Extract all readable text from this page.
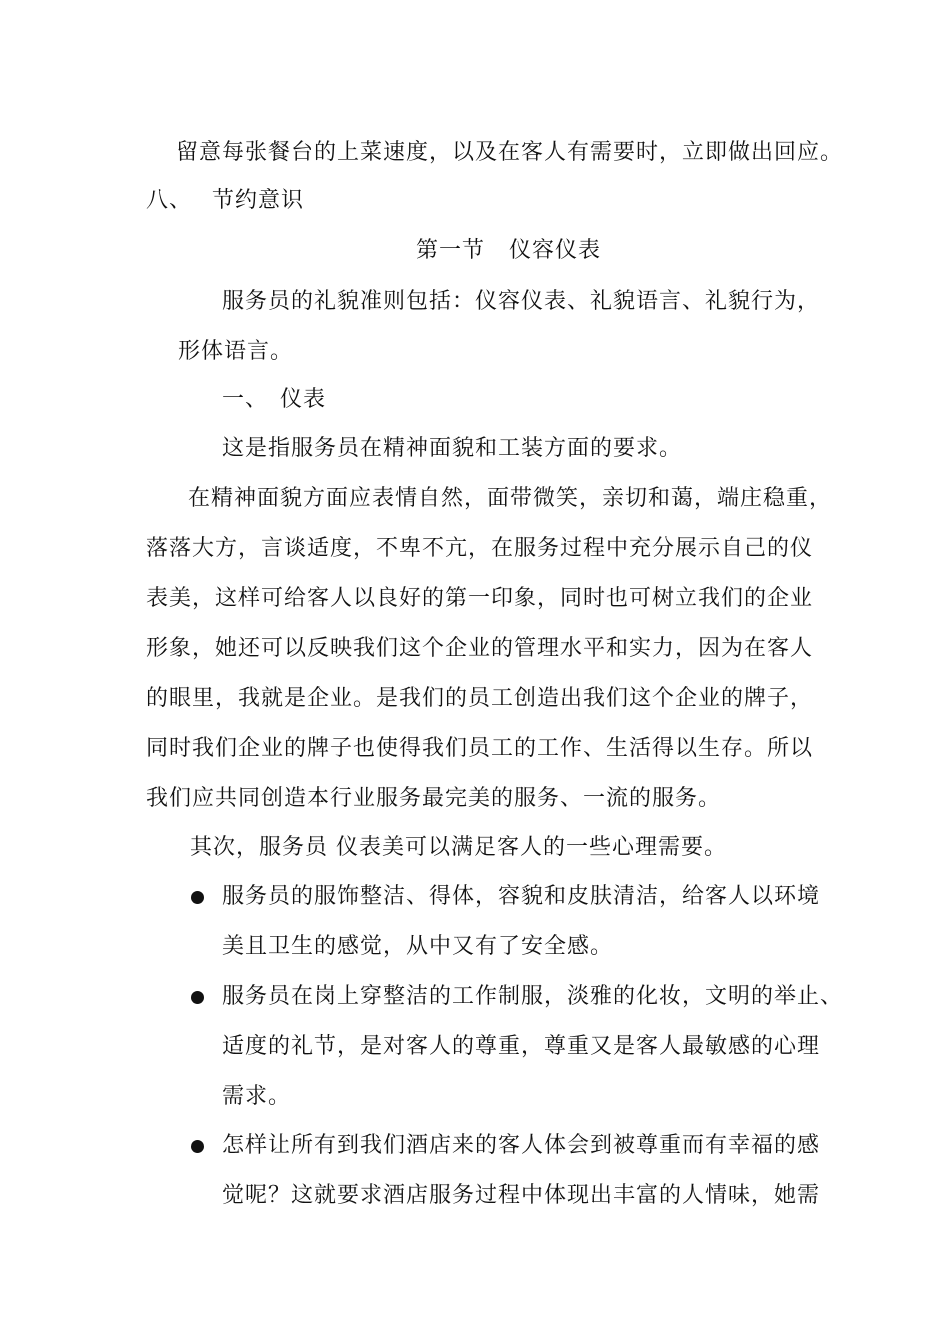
留意每张餐台的上菜速度，以及在客人有需要时，立即做出回应。
八、 节约意识
第一节   仪容仪表
服务员的礼貌准则包括：仪容仪表、礼貌语言、礼貌行为，
形体语言。
一、 仪表
这是指服务员在精神面貌和工装方面的要求。
在精神面貌方面应表情自然，面带微笑，亲切和蔼，端庄稳重，
落落大方，言谈适度，不卑不亢，在服务过程中充分展示自己的仪
表美，这样可给客人以良好的第一印象，同时也可树立我们的企业
形象，她还可以反映我们这个企业的管理水平和实力，因为在客人
的眼里，我就是企业。是我们的员工创造出我们这个企业的牌子，
同时我们企业的牌子也使得我们员工的工作、生活得以生存。所以
我们应共同创造本行业服务最完美的服务、一流的服务。
其次，服务员 仪表美可以满足客人的一些心理需要。
服务员的服饰整洁、得体，容貌和皮肤清洁，给客人以环境
美且卫生的感觉，从中又有了安全感。
服务员在岗上穿整洁的工作制服，淡雅的化妆，文明的举止、
适度的礼节，是对客人的尊重，尊重又是客人最敏感的心理
需求。
怎样让所有到我们酒店来的客人体会到被尊重而有幸福的感
觉呢？这就要求酒店服务过程中体现出丰富的人情味，她需
